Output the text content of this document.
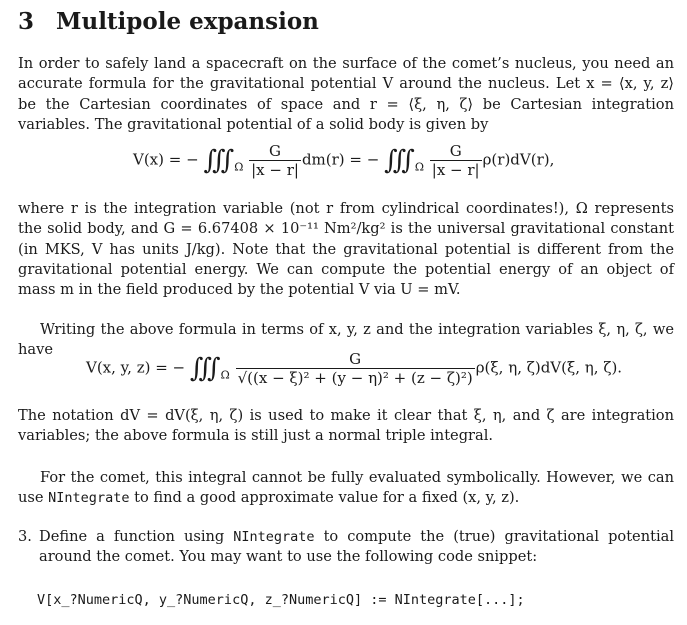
3 Multipole expansion
In order to safely land a spacecraft on the surface of the comet’s nucleus, you need an accurate formula for the gravitational potential V around the nucleus. Let x = ⟨x, y, z⟩ be the Cartesian coordinates of space and r = ⟨ξ, η, ζ⟩ be Cartesian integration variables. The gravitational potential of a solid body is given by
V(x) = − $∭_\Omega \frac{G}{|x - r|} dm(r)$ = − $∭_\Omega \frac{G}{|x - r|} \rho(r)dV(r)$,
where r is the integration variable (not r from cylindrical coordinates!), Ω represents the solid body, and G = 6.67408 × 10⁻¹¹ Nm²/kg² is the universal gravitational constant (in MKS, V has units J/kg). Note that the gravitational potential is different from the gravitational potential energy. We can compute the potential energy of an object of mass m in the field produced by the potential V via U = mV.
Writing the above formula in terms of x, y, z and the integration variables ξ, η, ζ, we have
V(x, y, z) = − $∭_\Omega \frac{G}{\text{√((x − ξ)² + (y − η)² + (z − ζ)²)}} \rho(\xi$, η, ζ)dV(ξ, η, ζ).
The notation dV = dV(ξ, η, ζ) is used to make it clear that ξ, η, and ζ are integration variables; the above formula is still just a normal triple integral.
For the comet, this integral cannot be fully evaluated symbolically. However, we can use NIntegrate to find a good approximate value for a fixed (x, y, z).
3. Define a function using NIntegrate to compute the (true) gravitational potential around the comet. You may want to use the following code snippet:
V[x_?NumericQ, y_?NumericQ, z_?NumericQ] := NIntegrate[...];
